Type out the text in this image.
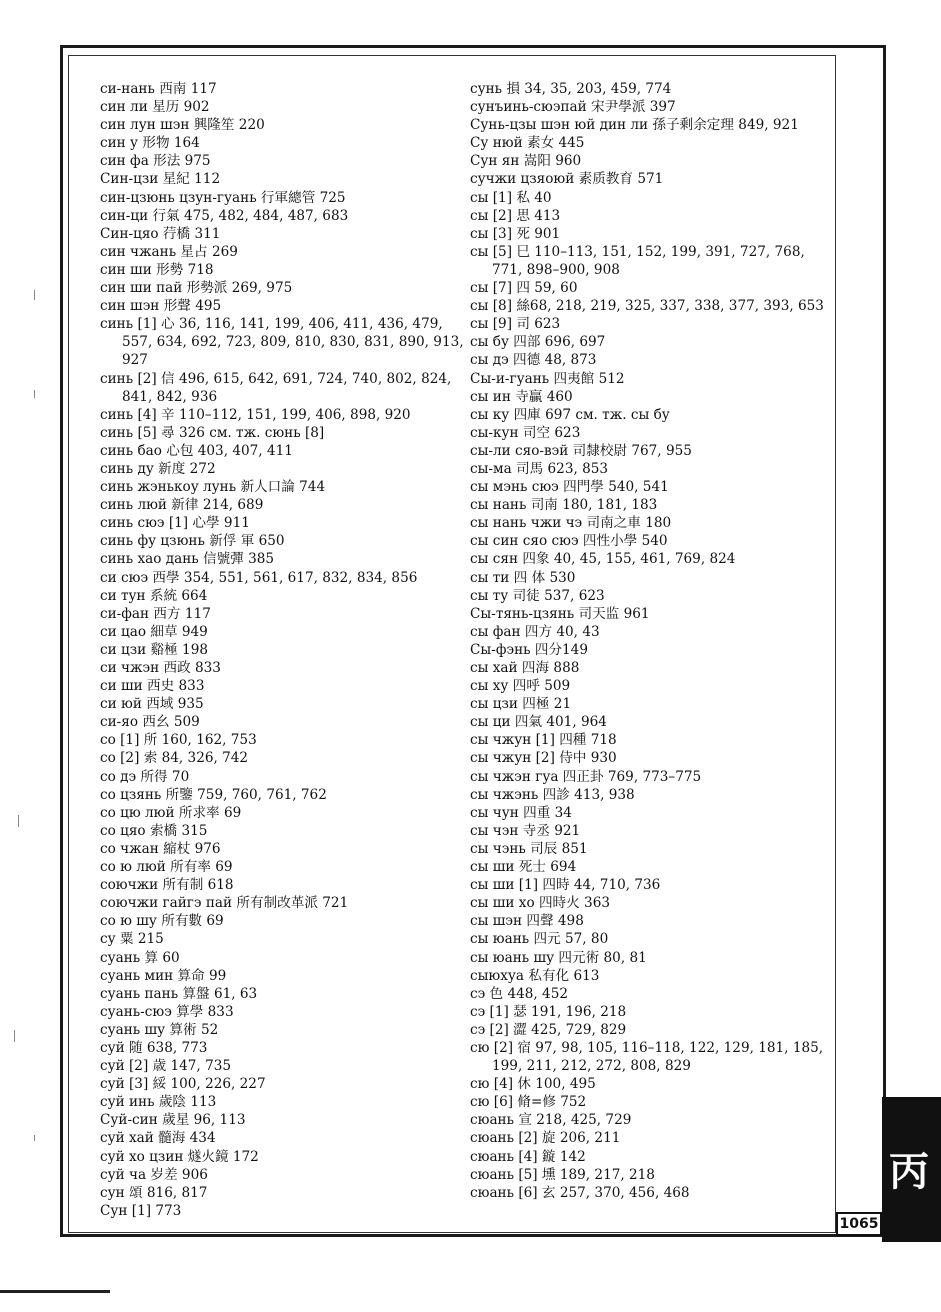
си-нань 西南 117
син ли 星历 902
син лун шэн 興隆笙 220
син у 形物 164
син фа 形法 975
Син-цзи 星紀 112
син-цзюнь цзун-гуань 行軍總管 725
син-ци 行氣 475, 482, 484, 487, 683
Син-цяо 荇橋 311
син чжань 星占 269
син ши 形勢 718
син ши пай 形勢派 269, 975
син шэн 形聲 495
синь [1] 心 36, 116, 141, 199, 406, 411, 436, 479, 557, 634, 692, 723, 809, 810, 830, 831, 890, 913, 927
синь [2] 信 496, 615, 642, 691, 724, 740, 802, 824, 841, 842, 936
синь [4] 辛 110–112, 151, 199, 406, 898, 920
синь [5] 尋 326 см. тж. сюнь [8]
синь бао 心包 403, 407, 411
синь ду 新度 272
синь жэнькоу лунь 新人口論 744
синь люй 新律 214, 689
синь сюэ [1] 心學 911
синь фу цзюнь 新俘 軍 650
синь хао дань 信號彈 385
си сюэ 西學 354, 551, 561, 617, 832, 834, 856
си тун 系統 664
си-фан 西方 117
си цао 細草 949
си цзи 谿極 198
си чжэн 西政 833
си ши 西史 833
си юй 西域 935
си-яо 西幺 509
со [1] 所 160, 162, 753
со [2] 索 84, 326, 742
со дэ 所得 70
со цзянь 所鑒 759, 760, 761, 762
со цю люй 所求率 69
со цяо 索橋 315
со чжан 縮杖 976
со ю люй 所有率 69
соючжи 所有制 618
соючжи гайгэ пай 所有制改革派 721
со ю шу 所有數 69
су 粟 215
суань 算 60
суань мин 算命 99
суань пань 算盤 61, 63
суань-сюэ 算學 833
суань шу 算術 52
суй 随 638, 773
суй [2] 歳 147, 735
суй [3] 綏 100, 226, 227
суй инь 歲陰 113
Суй-син 歲星 96, 113
суй хай 髓海 434
суй хо цзин 燧火鏡 172
суй ча 岁差 906
сун 頌 816, 817
Сун [1] 773
сунь 損 34, 35, 203, 459, 774
сунъинь-сюэпай 宋尹學派 397
Сунь-цзы шэн юй дин ли 孫子剩余定理 849, 921
Су нюй 素女 445
Сун ян 嵩阳 960
сучжи цзяоюй 素质教育 571
сы [1] 私 40
сы [2] 思 413
сы [3] 死 901
сы [5] 巳 110–113, 151, 152, 199, 391, 727, 768, 771, 898–900, 908
сы [7] 四 59, 60
сы [8] 絲68, 218, 219, 325, 337, 338, 377, 393, 653
сы [9] 司 623
сы бу 四部 696, 697
сы дэ 四德 48, 873
Сы-и-гуань 四夷館 512
сы ин 寺贏 460
сы ку 四庫 697 см. тж. сы бу
сы-кун 司空 623
сы-ли сяо-вэй 司隸校尉 767, 955
сы-ма 司馬 623, 853
сы мэнь сюэ 四門學 540, 541
сы нань 司南 180, 181, 183
сы нань чжи чэ 司南之車 180
сы син сяо сюэ 四性小學 540
сы сян 四象 40, 45, 155, 461, 769, 824
сы ти 四 体 530
сы ту 司徒 537, 623
Сы-тянь-цзянь 司天监 961
сы фан 四方 40, 43
Сы-фэнь 四分149
сы хай 四海 888
сы ху 四呼 509
сы цзи 四極 21
сы ци 四氣 401, 964
сы чжун [1] 四種 718
сы чжун [2] 侍中 930
сы чжэн гуа 四正卦 769, 773–775
сы чжэнь 四診 413, 938
сы чун 四重 34
сы чэн 寺丞 921
сы чэнь 司辰 851
сы ши 死士 694
сы ши [1] 四時 44, 710, 736
сы ши хо 四時火 363
сы шэн 四聲 498
сы юань 四元 57, 80
сы юань шу 四元術 80, 81
сыюхуа 私有化 613
сэ 色 448, 452
сэ [1] 瑟 191, 196, 218
сэ [2] 澀 425, 729, 829
сю [2] 宿 97, 98, 105, 116–118, 122, 129, 181, 185, 199, 211, 212, 272, 808, 829
сю [4] 休 100, 495
сю [6] 脩=修 752
сюань 宣 218, 425, 729
сюань [2] 旋 206, 211
сюань [4] 鏇 142
сюань [5] 壎 189, 217, 218
сюань [6] 玄 257, 370, 456, 468	丙
1065
